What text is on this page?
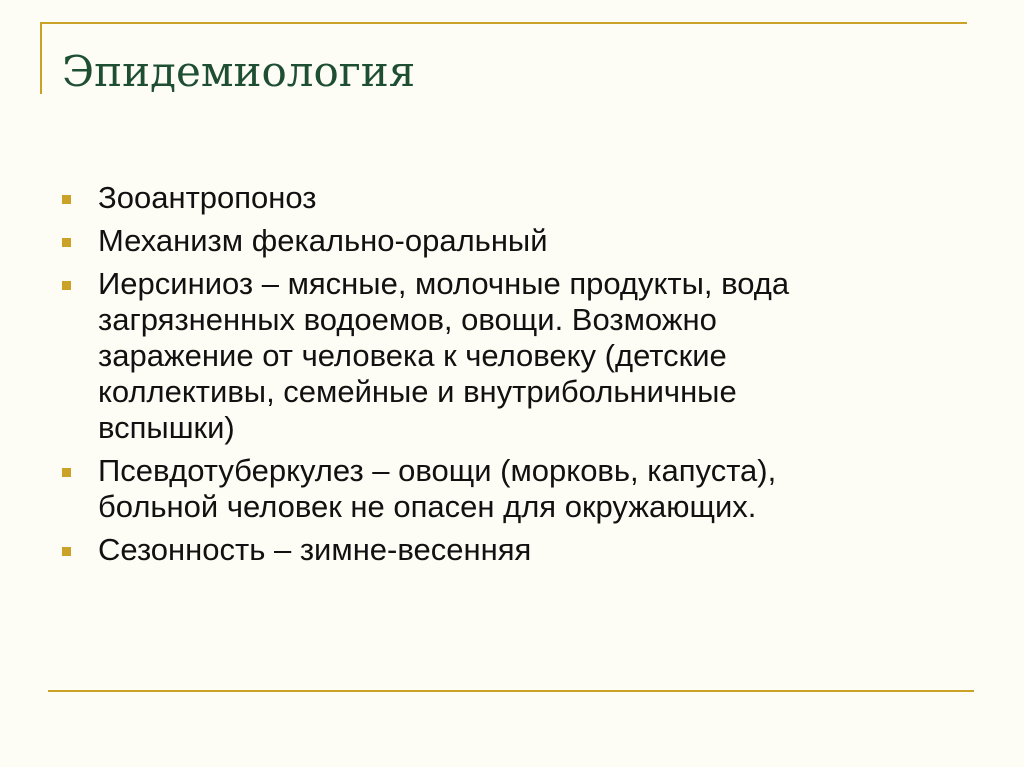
Эпидемиология
Зооантропоноз
Механизм фекально-оральный
Иерсиниоз – мясные, молочные продукты, вода
загрязненных водоемов, овощи. Возможно
заражение от человека к человеку (детские
коллективы, семейные и внутрибольничные
вспышки)
Псевдотуберкулез – овощи (морковь, капуста),
больной человек не опасен для окружающих.
Сезонность – зимне-весенняя
